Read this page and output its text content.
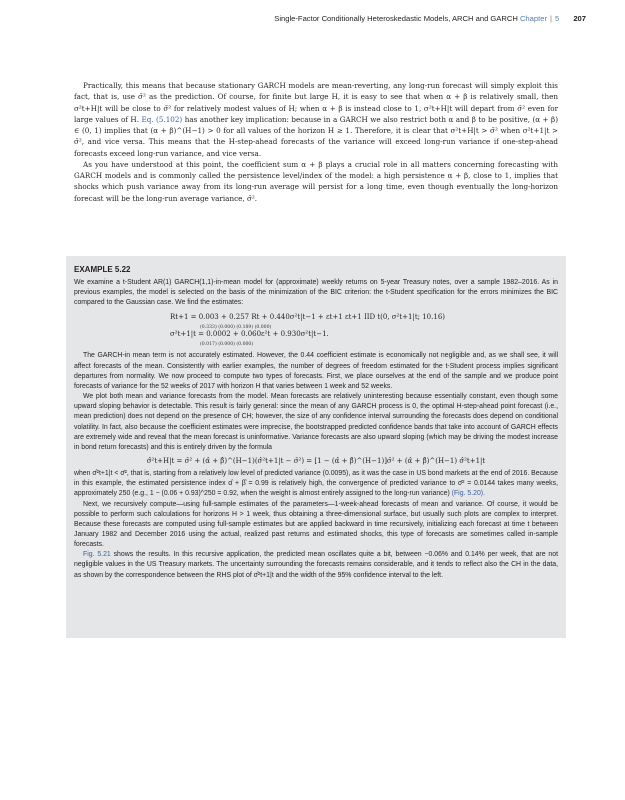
Single-Factor Conditionally Heteroskedastic Models, ARCH and GARCH Chapter | 5 207

Practically, this means that because stationary GARCH models are mean-reverting, any long-run forecast will simply exploit this fact, that is, use σ̄² as the prediction. Of course, for finite but large H, it is easy to see that when α + β is relatively small, then σ²t+H|t will be close to σ̄² for relatively modest values of H; when α + β is instead close to 1, σ²t+H|t will depart from σ̄² even for large values of H. Eq. (5.102) has another key implication: because in a GARCH we also restrict both α and β to be positive, (α + β) ∈ (0, 1) implies that (α + β)^(H−1) > 0 for all values of the horizon H ≥ 1. Therefore, it is clear that σ²t+H|t > σ̄² when σ²t+1|t > σ̄², and vice versa. This means that the H-step-ahead forecasts of the variance will exceed long-run variance if one-step-ahead forecasts exceed long-run variance, and vice versa.

As you have understood at this point, the coefficient sum α + β plays a crucial role in all matters concerning forecasting with GARCH models and is commonly called the persistence level/index of the model: a high persistence α + β, close to 1, implies that shocks which push variance away from its long-run average will persist for a long time, even though eventually the long-horizon forecast will be the long-run average variance, σ̄².

EXAMPLE 5.22

We examine a t-Student AR(1) GARCH(1,1)-in-mean model for (approximate) weekly returns on 5-year Treasury notes, over a sample 1982–2016. As in previous examples, the model is selected on the basis of the minimization of the BIC criterion: the t-Student specification for the errors minimizes the BIC compared to the Gaussian case. We find the estimates:

Rt+1 = 0.003 + 0.257 Rt + 0.440σ²t|t−1 + εt+1 εt+1 IID t(0, σ²t+1|t; 10.16)
(0.333) (0.000) (0.189) (0.000)
σ²t+1|t = 0.0002 + 0.060ε²t + 0.930σ²t|t−1.
(0.017) (0.000) (0.000)

The GARCH-in mean term is not accurately estimated. However, the 0.44 coefficient estimate is economically not negligible and, as we shall see, it will affect forecasts of the mean. Consistently with earlier examples, the number of degrees of freedom estimated for the t-Student process implies significant departures from normality. We now proceed to compute two types of forecasts. First, we place ourselves at the end of the sample and we produce point forecasts of variance for the 52 weeks of 2017 with horizon H that varies between 1 week and 52 weeks.

We plot both mean and variance forecasts from the model. Mean forecasts are relatively uninteresting because essentially constant, even though some upward sloping behavior is detectable. This result is fairly general: since the mean of any GARCH process is 0, the optimal H-step-ahead point forecast (i.e., mean prediction) does not depend on the presence of CH; however, the size of any confidence interval surrounding the forecasts does depend on conditional volatility. In fact, also because the coefficient estimates were imprecise, the bootstrapped predicted confidence bands that take into account of GARCH effects are extremely wide and reveal that the mean forecast is uninformative. Variance forecasts are also upward sloping (which may be driving the modest increase in bond return forecasts) and this is entirely driven by the formula

σ̂²t+H|t = σ̄² + (α̂ + β̂)^(H−1)(σ̂²t+1|t − σ̄²) = [1 − (α̂ + β̂)^(H−1)]σ̄² + (α̂ + β̂)^(H−1) σ̂²t+1|t

when σ̂²t+1|t < σ̄², that is, starting from a relatively low level of predicted variance (0.0095), as it was the case in US bond markets at the end of 2016. Because in this example, the estimated persistence index α̂ + β̂ = 0.99 is relatively high, the convergence of predicted variance to σ̄² = 0.0144 takes many weeks, approximately 250 (e.g., 1 − (0.06 + 0.93)^250 = 0.92, when the weight is almost entirely assigned to the long-run variance) (Fig. 5.20).

Next, we recursively compute—using full-sample estimates of the parameters—1-week-ahead forecasts of mean and variance. Of course, it would be possible to perform such calculations for horizons H > 1 week, thus obtaining a three-dimensional surface, but usually such plots are complex to interpret. Because these forecasts are computed using full-sample estimates but are applied backward in time recursively, initializing each forecast at time t between January 1982 and December 2016 using the actual, realized past returns and estimated shocks, this type of forecasts are sometimes called in-sample forecasts.

Fig. 5.21 shows the results. In this recursive application, the predicted mean oscillates quite a bit, between −0.06% and 0.14% per week, that are not negligible values in the US Treasury markets. The uncertainty surrounding the forecasts remains considerable, and it tends to reflect also the CH in the data, as shown by the correspondence between the RHS plot of σ̂²t+1|t and the width of the 95% confidence interval to the left.
